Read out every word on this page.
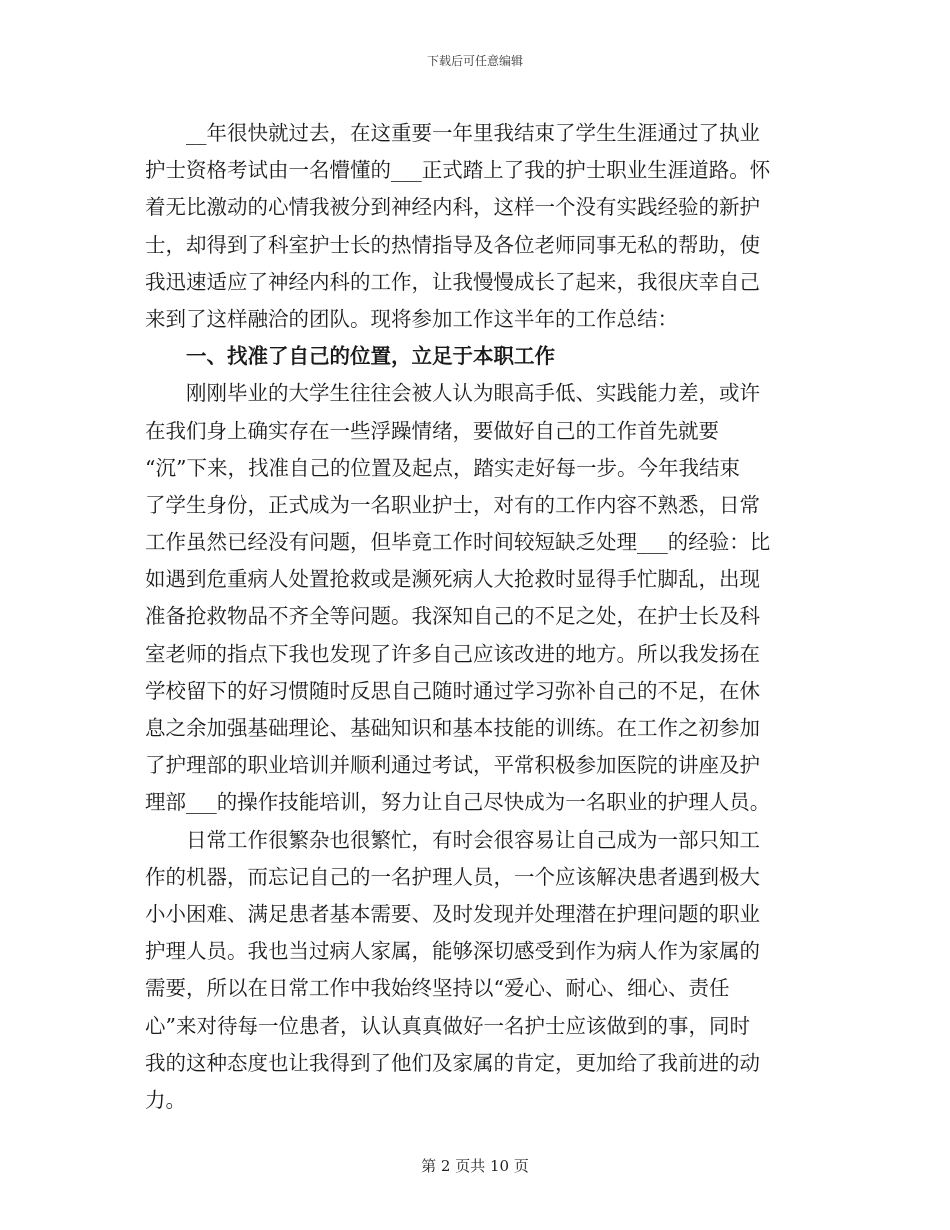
下载后可任意编辑
__年很快就过去，在这重要一年里我结束了学生生涯通过了执业
护士资格考试由一名懵懂的___正式踏上了我的护士职业生涯道路。怀
着无比激动的心情我被分到神经内科，这样一个没有实践经验的新护
士，却得到了科室护士长的热情指导及各位老师同事无私的帮助，使
我迅速适应了神经内科的工作，让我慢慢成长了起来，我很庆幸自己
来到了这样融洽的团队。现将参加工作这半年的工作总结：
一、找准了自己的位置，立足于本职工作
刚刚毕业的大学生往往会被人认为眼高手低、实践能力差，或许
在我们身上确实存在一些浮躁情绪，要做好自己的工作首先就要
“沉”下来，找准自己的位置及起点，踏实走好每一步。今年我结束
了学生身份，正式成为一名职业护士，对有的工作内容不熟悉，日常
工作虽然已经没有问题，但毕竟工作时间较短缺乏处理___的经验：比
如遇到危重病人处置抢救或是濒死病人大抢救时显得手忙脚乱，出现
准备抢救物品不齐全等问题。我深知自己的不足之处，在护士长及科
室老师的指点下我也发现了许多自己应该改进的地方。所以我发扬在
学校留下的好习惯随时反思自己随时通过学习弥补自己的不足，在休
息之余加强基础理论、基础知识和基本技能的训练。在工作之初参加
了护理部的职业培训并顺利通过考试，平常积极参加医院的讲座及护
理部___的操作技能培训，努力让自己尽快成为一名职业的护理人员。
日常工作很繁杂也很繁忙，有时会很容易让自己成为一部只知工
作的机器，而忘记自己的一名护理人员，一个应该解决患者遇到极大
小小困难、满足患者基本需要、及时发现并处理潜在护理问题的职业
护理人员。我也当过病人家属，能够深切感受到作为病人作为家属的
需要，所以在日常工作中我始终坚持以“爱心、耐心、细心、责任
心”来对待每一位患者，认认真真做好一名护士应该做到的事，同时
我的这种态度也让我得到了他们及家属的肯定，更加给了我前进的动
力。
第 2 页共 10 页
